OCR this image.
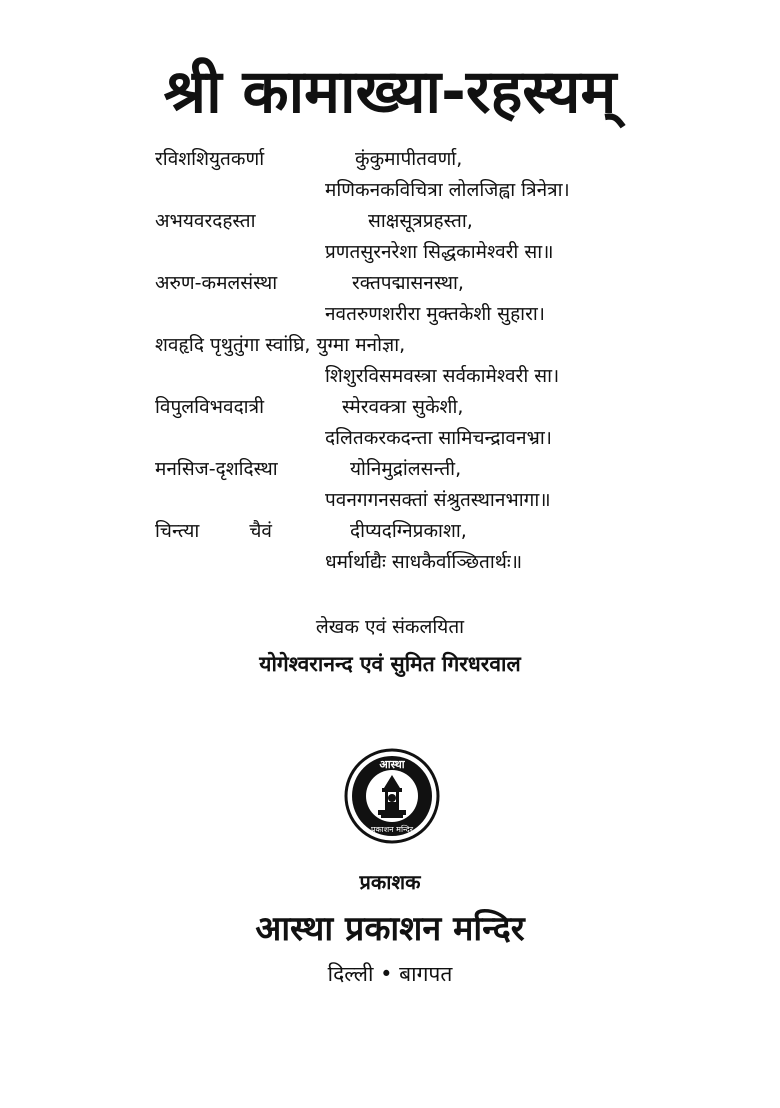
श्री कामाख्या-रहस्यम्
रविशशियुतकर्णा	कुंकुमापीतवर्णा,
मणिकनकविचित्रा लोलजिह्वा त्रिनेत्रा।
अभयवरदहस्ता	साक्षसूत्रप्रहस्ता,
प्रणतसुरनरेशा सिद्धकामेश्वरी सा॥
अरुण-कमलसंस्था	रक्तपद्मासनस्था,
नवतरुणशरीरा मुक्तकेशी सुहारा।
शवहृदि पृथुतुंगा स्वांघ्रि, युग्मा मनोज्ञा,
शिशुरविसमवस्त्रा सर्वकामेश्वरी सा।
विपुलविभवदात्री	स्मेरवक्त्रा सुकेशी,
दलितकरकदन्ता सामिचन्द्रावनभ्रा।
मनसिज-दृशदिस्था	योनिमुद्रांलसन्ती,
पवनगगनसक्तां संश्रुतस्थानभागा॥
चिन्त्या चैवं	दीप्यदग्निप्रकाशा,
धर्मार्थाद्यैः साधकैर्वाञ्छितार्थः॥
लेखक एवं संकलयिता
योगेश्वरानन्द एवं सुमित गिरधरवाल
आस्था
प्रकाशन मन्दिर
प्रकाशक
आस्था प्रकाशन मन्दिर
दिल्ली • बागपत
